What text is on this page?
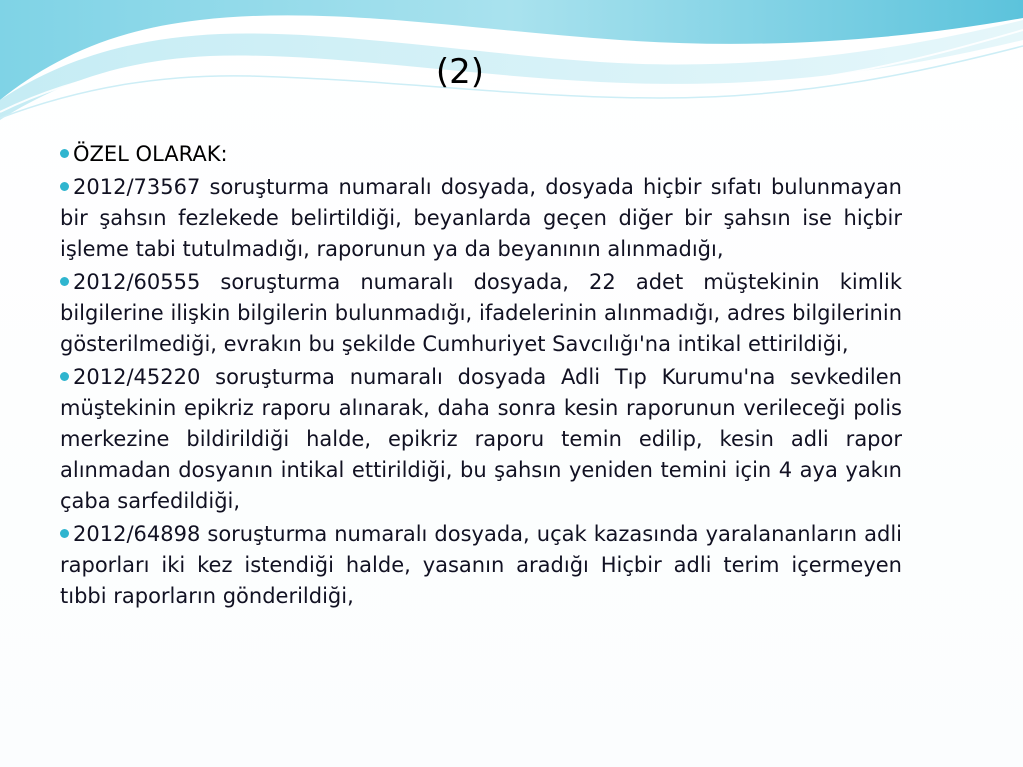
(2)

ÖZEL OLARAK:

2012/73567 soruşturma numaralı dosyada, dosyada hiçbir sıfatı bulunmayan bir şahsın fezlekede belirtildiği, beyanlarda geçen diğer bir şahsın ise hiçbir işleme tabi tutulmadığı, raporunun ya da beyanının alınmadığı,

2012/60555 soruşturma numaralı dosyada, 22 adet müştekinin kimlik bilgilerine ilişkin bilgilerin bulunmadığı, ifadelerinin alınmadığı, adres bilgilerinin gösterilmediği, evrakın bu şekilde Cumhuriyet Savcılığı'na intikal ettirildiği,

2012/45220 soruşturma numaralı dosyada Adli Tıp Kurumu'na sevkedilen müştekinin epikriz raporu alınarak, daha sonra kesin raporunun verileceği polis merkezine bildirildiği halde, epikriz raporu temin edilip, kesin adli rapor alınmadan dosyanın intikal ettirildiği, bu şahsın yeniden temini için 4 aya yakın çaba sarfedildiği,

2012/64898 soruşturma numaralı dosyada, uçak kazasında yaralananların adli raporları iki kez istendiği halde, yasanın aradığı Hiçbir adli terim içermeyen tıbbi raporların gönderildiği,
